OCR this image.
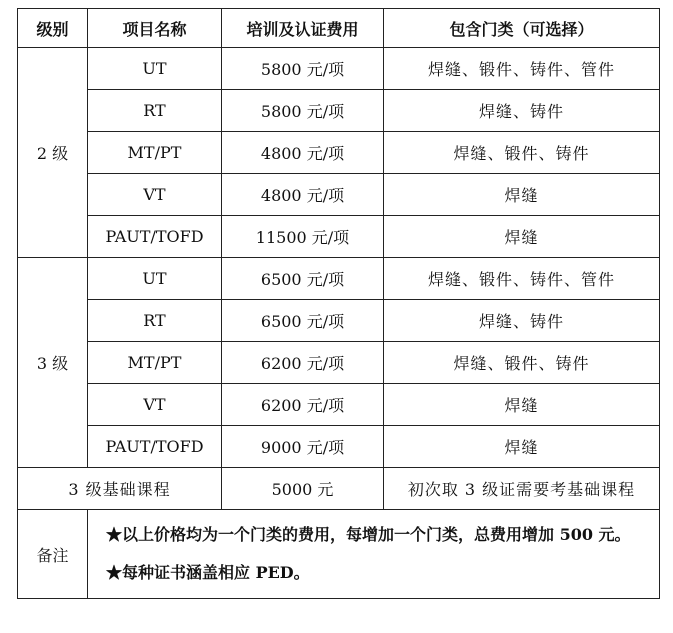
级别	项目名称	培训及认证费用	包含门类（可选择）
2 级	UT	5800 元/项	焊缝、锻件、铸件、管件
	RT	5800 元/项	焊缝、铸件
	MT/PT	4800 元/项	焊缝、锻件、铸件
	VT	4800 元/项	焊缝
	PAUT/TOFD	11500 元/项	焊缝
3 级	UT	6500 元/项	焊缝、锻件、铸件、管件
	RT	6500 元/项	焊缝、铸件
	MT/PT	6200 元/项	焊缝、锻件、铸件
	VT	6200 元/项	焊缝
	PAUT/TOFD	9000 元/项	焊缝
3 级基础课程		5000 元	初次取 3 级证需要考基础课程
备注	★以上价格均为一个门类的费用，每增加一个门类，总费用增加 500 元。
★每种证书涵盖相应 PED。		
